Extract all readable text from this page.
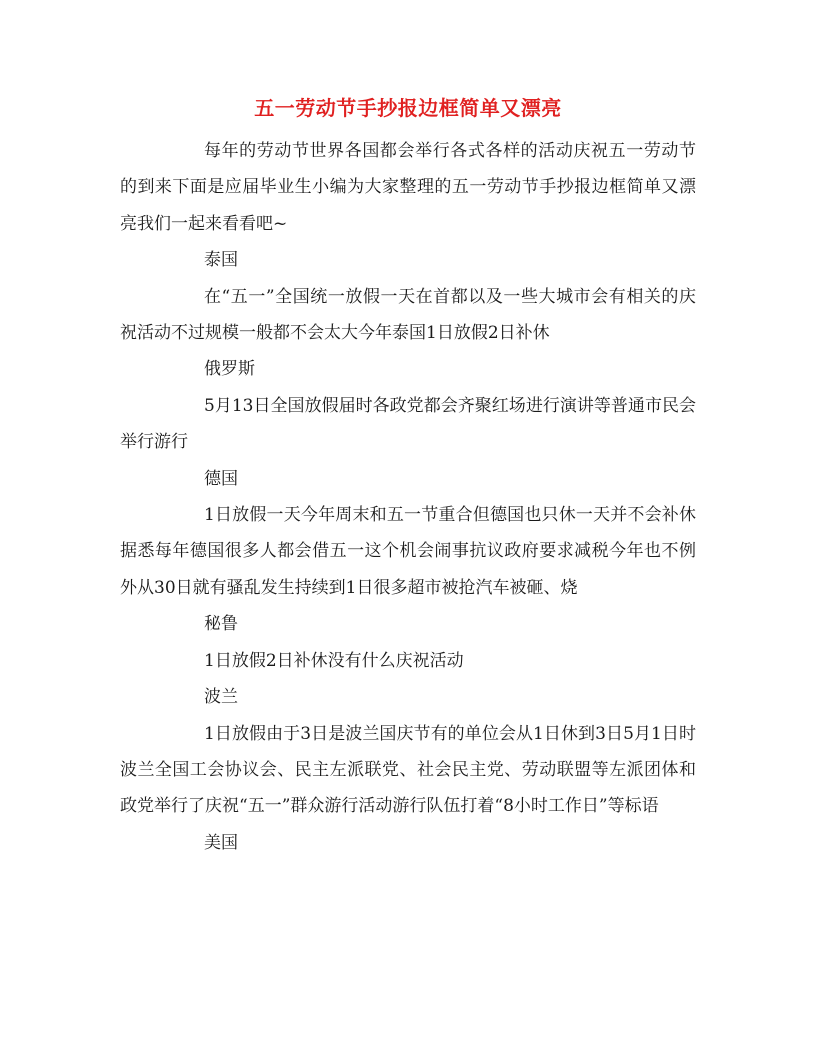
五一劳动节手抄报边框简单又漂亮

每年的劳动节世界各国都会举行各式各样的活动庆祝五一劳动节的到来下面是应届毕业生小编为大家整理的五一劳动节手抄报边框简单又漂亮我们一起来看看吧~

泰国

在“五一”全国统一放假一天在首都以及一些大城市会有相关的庆祝活动不过规模一般都不会太大今年泰国1日放假2日补休

俄罗斯

5月13日全国放假届时各政党都会齐聚红场进行演讲等普通市民会举行游行

德国

1日放假一天今年周末和五一节重合但德国也只休一天并不会补休据悉每年德国很多人都会借五一这个机会闹事抗议政府要求减税今年也不例外从30日就有骚乱发生持续到1日很多超市被抢汽车被砸、烧

秘鲁

1日放假2日补休没有什么庆祝活动

波兰

1日放假由于3日是波兰国庆节有的单位会从1日休到3日5月1日时波兰全国工会协议会、民主左派联党、社会民主党、劳动联盟等左派团体和政党举行了庆祝“五一”群众游行活动游行队伍打着“8小时工作日”等标语

美国
